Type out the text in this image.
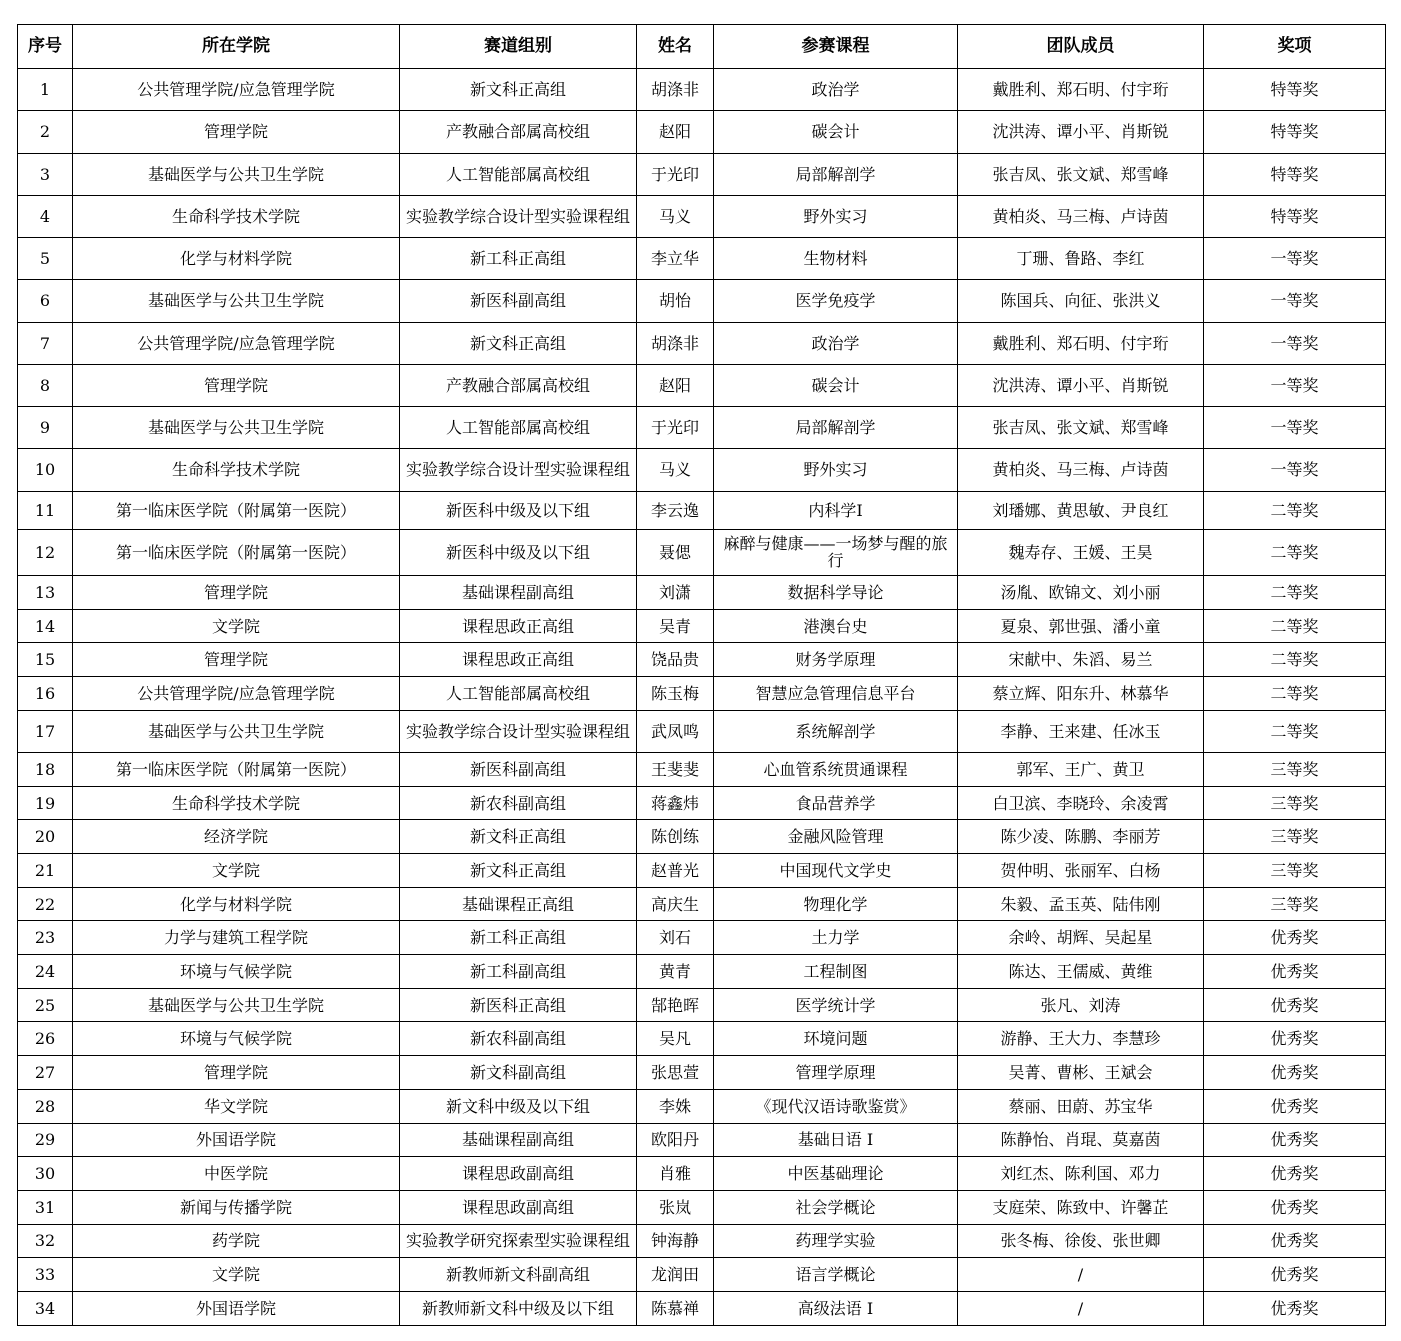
序号	所在学院	赛道组别	姓名	参赛课程	团队成员	奖项
1	公共管理学院/应急管理学院	新文科正高组	胡涤非	政治学	戴胜利、郑石明、付宇珩	特等奖
2	管理学院	产教融合部属高校组	赵阳	碳会计	沈洪涛、谭小平、肖斯锐	特等奖
3	基础医学与公共卫生学院	人工智能部属高校组	于光印	局部解剖学	张吉凤、张文斌、郑雪峰	特等奖
4	生命科学技术学院	实验教学综合设计型实验课程组	马义	野外实习	黄柏炎、马三梅、卢诗茵	特等奖
5	化学与材料学院	新工科正高组	李立华	生物材料	丁珊、鲁路、李红	一等奖
6	基础医学与公共卫生学院	新医科副高组	胡怡	医学免疫学	陈国兵、向征、张洪义	一等奖
7	公共管理学院/应急管理学院	新文科正高组	胡涤非	政治学	戴胜利、郑石明、付宇珩	一等奖
8	管理学院	产教融合部属高校组	赵阳	碳会计	沈洪涛、谭小平、肖斯锐	一等奖
9	基础医学与公共卫生学院	人工智能部属高校组	于光印	局部解剖学	张吉凤、张文斌、郑雪峰	一等奖
10	生命科学技术学院	实验教学综合设计型实验课程组	马义	野外实习	黄柏炎、马三梅、卢诗茵	一等奖
11	第一临床医学院（附属第一医院）	新医科中级及以下组	李云逸	内科学I	刘璠娜、黄思敏、尹良红	二等奖
12	第一临床医学院（附属第一医院）	新医科中级及以下组	聂偲	麻醉与健康——一场梦与醒的旅行	魏寿存、王媛、王昊	二等奖
13	管理学院	基础课程副高组	刘潇	数据科学导论	汤胤、欧锦文、刘小丽	二等奖
14	文学院	课程思政正高组	吴青	港澳台史	夏泉、郭世强、潘小童	二等奖
15	管理学院	课程思政正高组	饶品贵	财务学原理	宋献中、朱滔、易兰	二等奖
16	公共管理学院/应急管理学院	人工智能部属高校组	陈玉梅	智慧应急管理信息平台	蔡立辉、阳东升、林慕华	二等奖
17	基础医学与公共卫生学院	实验教学综合设计型实验课程组	武凤鸣	系统解剖学	李静、王来建、任冰玉	二等奖
18	第一临床医学院（附属第一医院）	新医科副高组	王斐斐	心血管系统贯通课程	郭军、王广、黄卫	三等奖
19	生命科学技术学院	新农科副高组	蒋鑫炜	食品营养学	白卫滨、李晓玲、余凌霄	三等奖
20	经济学院	新文科正高组	陈创练	金融风险管理	陈少凌、陈鹏、李丽芳	三等奖
21	文学院	新文科正高组	赵普光	中国现代文学史	贺仲明、张丽军、白杨	三等奖
22	化学与材料学院	基础课程正高组	高庆生	物理化学	朱毅、孟玉英、陆伟刚	三等奖
23	力学与建筑工程学院	新工科正高组	刘石	土力学	余岭、胡辉、吴起星	优秀奖
24	环境与气候学院	新工科副高组	黄青	工程制图	陈达、王儒威、黄维	优秀奖
25	基础医学与公共卫生学院	新医科正高组	郜艳晖	医学统计学	张凡、刘涛	优秀奖
26	环境与气候学院	新农科副高组	吴凡	环境问题	游静、王大力、李慧珍	优秀奖
27	管理学院	新文科副高组	张思萱	管理学原理	吴菁、曹彬、王斌会	优秀奖
28	华文学院	新文科中级及以下组	李姝	《现代汉语诗歌鉴赏》	蔡丽、田蔚、苏宝华	优秀奖
29	外国语学院	基础课程副高组	欧阳丹	基础日语 I	陈静怡、肖琨、莫嘉茵	优秀奖
30	中医学院	课程思政副高组	肖雅	中医基础理论	刘红杰、陈利国、邓力	优秀奖
31	新闻与传播学院	课程思政副高组	张岚	社会学概论	支庭荣、陈致中、许馨芷	优秀奖
32	药学院	实验教学研究探索型实验课程组	钟海静	药理学实验	张冬梅、徐俊、张世卿	优秀奖
33	文学院	新教师新文科副高组	龙润田	语言学概论	/	优秀奖
34	外国语学院	新教师新文科中级及以下组	陈慕禅	高级法语 I	/	优秀奖
